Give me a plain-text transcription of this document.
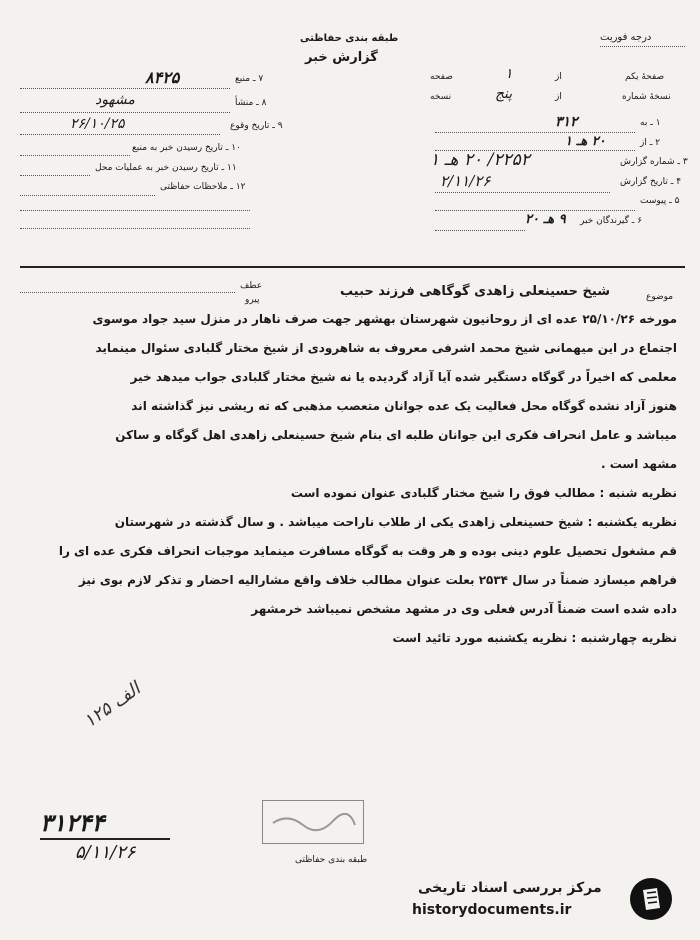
طبقه بندی حفاظتی
گزارش خبر
درجه فوریت
۷ ـ منبع
۸۴۲۵
۸ ـ منشأ
مشهود
۹ ـ تاریخ وقوع
۲۶/۱۰/۲۵
۱۰ ـ تاریخ رسیدن خبر به منبع
۱۱ ـ تاریخ رسیدن خبر به عملیات محل
۱۲ ـ ملاحظات حفاظتی
صفحهٔ یکم
از
صفحه	۱
نسخهٔ شماره
از
نسخه	پنج
۱ ـ به
۳۱۲
۲ ـ از
۲۰ هـ ۱
۳ ـ شماره گزارش
۲۲۵۲/ ۲۰ هـ ۱
۴ ـ تاریخ گزارش
۲/۱۱/۲۶
۵ ـ پیوست
۶ ـ گیرندگان خبر
۹ هـ ۲۰
موضوع
شیخ حسینعلی زاهدی گوگاهی فرزند حبیب
عطف
پیرو
مورخه ۲۵/۱۰/۲۶ عده ای از روحانیون شهرستان بهشهر جهت صرف ناهار در منزل سید جواد موسوی
اجتماع در این میهمانی شیخ محمد اشرفی معروف به شاهرودی از شیخ مختار گلبادی سئوال مینماید
معلمی که اخیراً در گوگاه دستگیر شده آیا آزاد گردیده یا نه شیخ مختار گلبادی جواب میدهد خیر
هنوز آزاد نشده گوگاه محل فعالیت یک عده جوانان متعصب مذهبی که ته ریشی نیز گذاشته اند
میباشد و عامل انحراف فکری این جوانان طلبه ای بنام شیخ حسینعلی زاهدی اهل گوگاه و ساکن
مشهد است .
نظریه شنبه : مطالب فوق را شیخ مختار گلبادی عنوان نموده است
نظریه یکشنبه : شیخ حسینعلی زاهدی یکی از طلاب ناراحت میباشد . و سال گذشته در شهرستان
قم مشغول تحصیل علوم دینی بوده و هر وقت به گوگاه مسافرت مینماید موجبات انحراف فکری عده ای را
فراهم میسازد ضمناً در سال ۲۵۳۴ بعلت عنوان مطالب خلاف واقع مشارالیه احضار و تذکر لازم بوی نیز
داده شده است ضمناً آدرس فعلی وی در مشهد مشخص نمیباشد خرمشهر
نظریه چهارشنبه : نظریه یکشنبه مورد تائید است
الف ۱۲۵
۳۱۲۴۴
۵/۱۱/۲۶	طبقه بندی حفاظتی
مرکز بررسی اسناد تاریخی
historydocuments.ir
